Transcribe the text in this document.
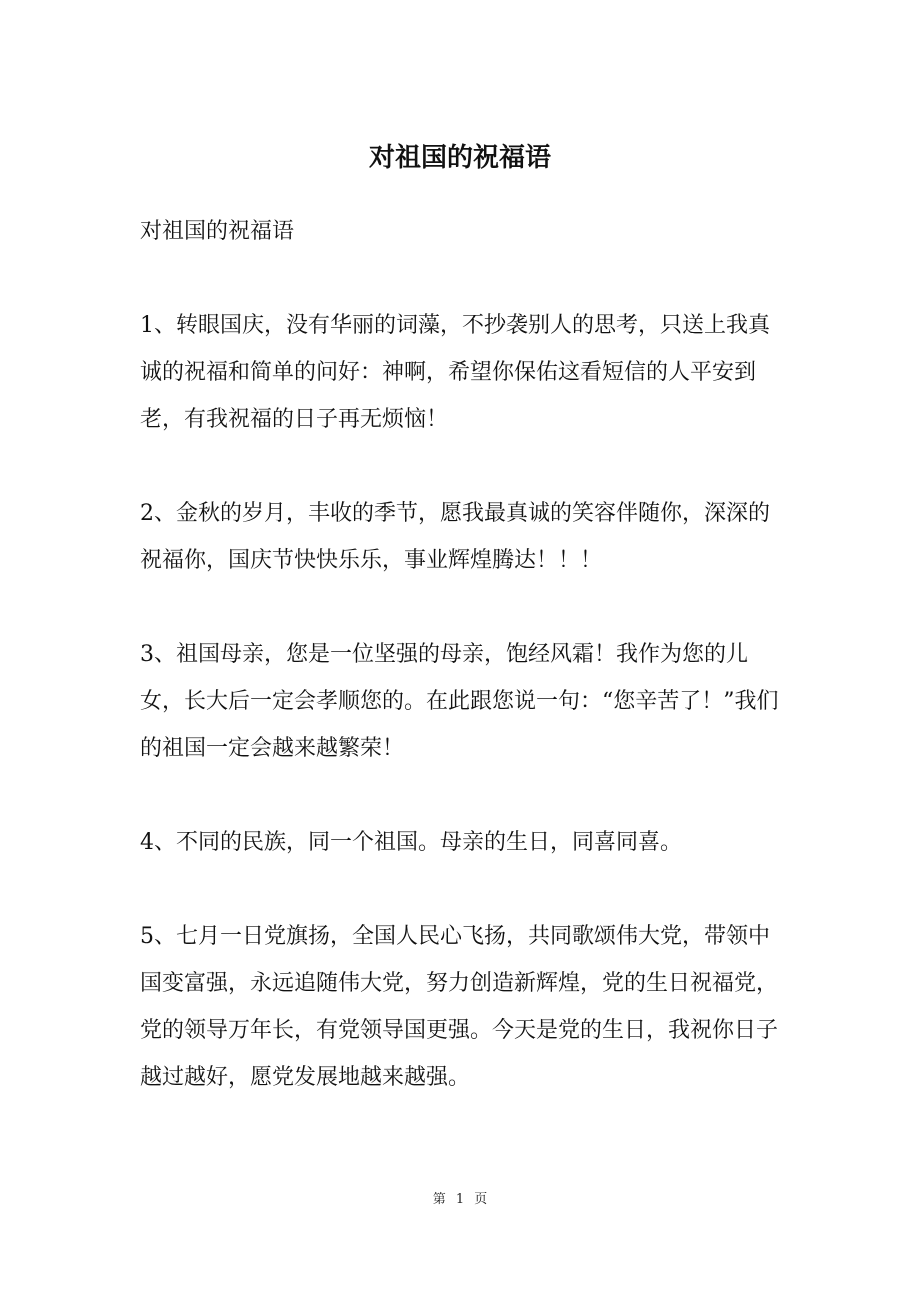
对祖国的祝福语

对祖国的祝福语

1、转眼国庆，没有华丽的词藻，不抄袭别人的思考，只送上我真诚的祝福和简单的问好：神啊，希望你保佑这看短信的人平安到老，有我祝福的日子再无烦恼！

2、金秋的岁月，丰收的季节，愿我最真诚的笑容伴随你，深深的祝福你，国庆节快快乐乐，事业辉煌腾达！！！

3、祖国母亲，您是一位坚强的母亲，饱经风霜！我作为您的儿女，长大后一定会孝顺您的。在此跟您说一句：“您辛苦了！”我们的祖国一定会越来越繁荣！

4、不同的民族，同一个祖国。母亲的生日，同喜同喜。

5、七月一日党旗扬，全国人民心飞扬，共同歌颂伟大党，带领中国变富强，永远追随伟大党，努力创造新辉煌，党的生日祝福党，党的领导万年长，有党领导国更强。今天是党的生日，我祝你日子越过越好，愿党发展地越来越强。

第 1 页
